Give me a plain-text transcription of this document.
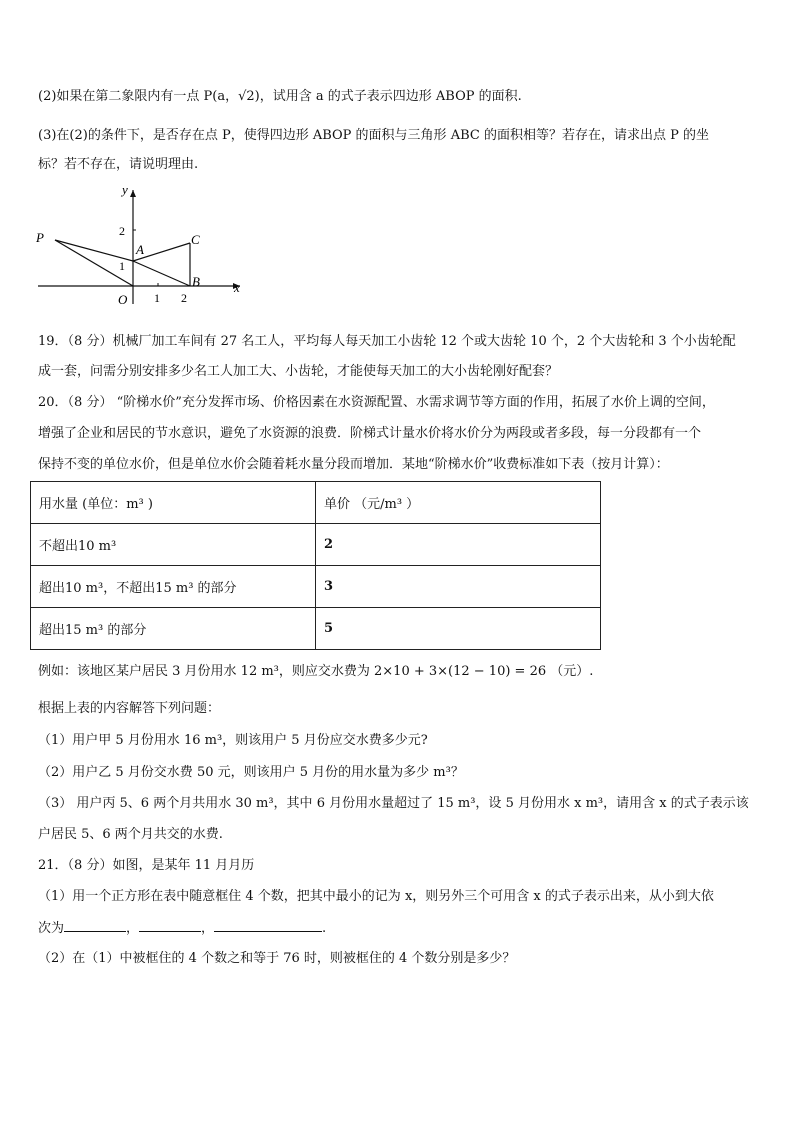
(2)如果在第二象限内有一点 P(a，√2)，试用含 a 的式子表示四边形 ABOP 的面积.
(3)在(2)的条件下，是否存在点 P，使得四边形 ABOP 的面积与三角形 ABC 的面积相等？若存在，请求出点 P 的坐
标？若不存在，请说明理由.
y
x
O 1 2
1
2
P
A
B
C
19．（8 分）机械厂加工车间有 27 名工人，平均每人每天加工小齿轮 12 个或大齿轮 10 个，2 个大齿轮和 3 个小齿轮配
成一套，问需分别安排多少名工人加工大、小齿轮，才能使每天加工的大小齿轮刚好配套？
20．（8 分） “阶梯水价”充分发挥市场、价格因素在水资源配置、水需求调节等方面的作用，拓展了水价上调的空间，
增强了企业和居民的节水意识，避免了水资源的浪费．阶梯式计量水价将水价分为两段或者多段，每一分段都有一个
保持不变的单位水价，但是单位水价会随着耗水量分段而增加．某地“阶梯水价”收费标准如下表（按月计算）：
用水量 (单位：m³ )	单价 （元/m³ ）
不超出10 m³	2
超出10 m³，不超出15 m³ 的部分	3
超出15 m³ 的部分	5
例如：该地区某户居民 3 月份用水 12 m³，则应交水费为 2×10 + 3×(12 − 10) = 26 （元）.
根据上表的内容解答下列问题：
（1）用户甲 5 月份用水 16 m³，则该用户 5 月份应交水费多少元?
（2）用户乙 5 月份交水费 50 元，则该用户 5 月份的用水量为多少 m³？
（3） 用户丙 5、6 两个月共用水 30 m³，其中 6 月份用水量超过了 15 m³，设 5 月份用水 x m³，请用含 x 的式子表示该
户居民 5、6 两个月共交的水费.
21．（8 分）如图，是某年 11 月月历
（1）用一个正方形在表中随意框住 4 个数，把其中最小的记为 x，则另外三个可用含 x 的式子表示出来，从小到大依
次为	，	，	.
（2）在（1）中被框住的 4 个数之和等于 76 时，则被框住的 4 个数分别是多少？
